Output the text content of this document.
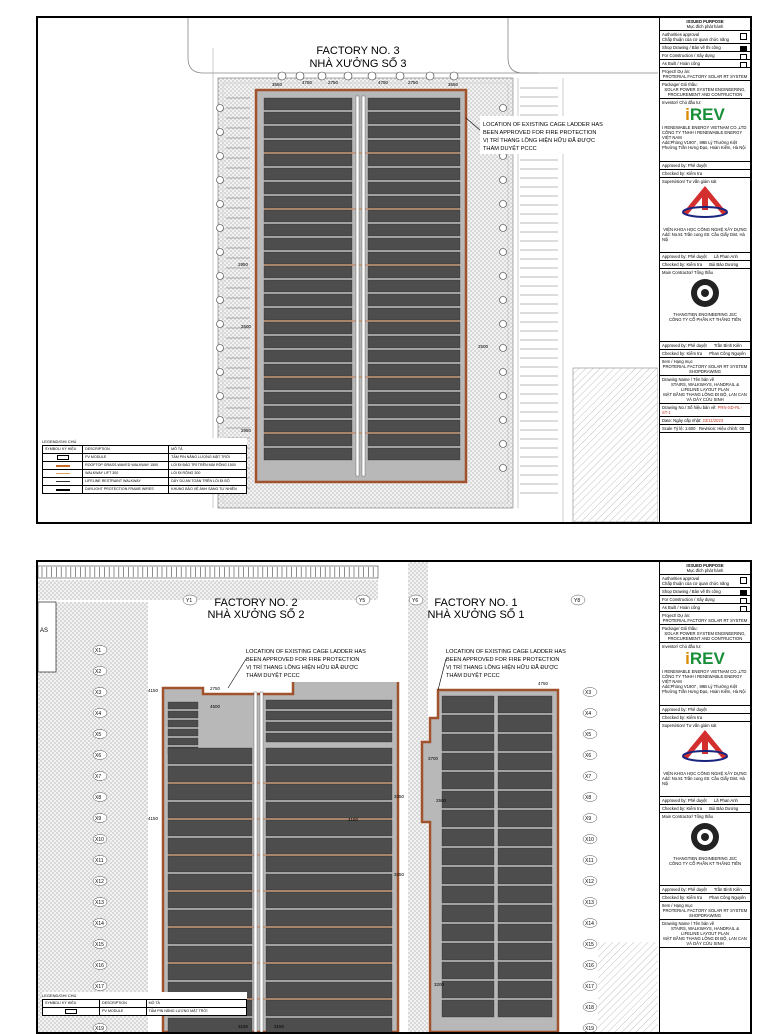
FACTORY NO. 3
NHÀ XƯỞNG SỐ 3
LOCATION OF EXISTING CAGE LADDER HAS
BEEN APPROVED FOR FIRE PROTECTION
VỊ TRÍ THANG LỒNG HIỆN HỮU ĐÃ ĐƯỢC
THẨM DUYỆT PCCC
3550	4750	4750
2750	2750	3550
2950
2500
2500
2950
LEGEND/GHI CHÚ
SYMBOL/ KÝ HIỆU	DESCRIPTION	MÔ TẢ

	PV MODULE	TẤM PIN NĂNG LƯỢNG MẶT TRỜI

	ROOFTOP GRASS-WAVED WALKWAY 1500	LỐI ĐI BẢO TRÌ TRÊN MÁI RỘNG 1500

	WALKWAY LIFT 300	LỐI ĐI RỘNG 300

	LIFELINE RESTRAINT WALKWAY	DÂY DÙ AN TOÀN TRÊN LỐI ĐI BỘ

	DAYLIGHT PROTECTION FRAME WIRES	KHUNG BẢO VỆ ÁNH SÁNG TỰ NHIÊN
ISSUED PURPOSE
Mục đích phát hành
Authorities approval
Chấp thuận của cơ quan chức năng
Shop Drawing / Bản vẽ thi công
For Construction / Xây dựng
As Built / Hoàn công
Project/ Dự án:
PROTERIAL FACTORY SOLAR RT SYSTEM
Package/ Gói thầu:
SOLAR POWER SYSTEM ENGINEERING, PROCUREMENT AND CONTRUCTION
Investor/ Chủ đầu tư:
iREV
I RENEWABLE ENERGY VIETNAM CO.,LTD
CÔNG TY TNHH I RENEWABLE ENERGY VIỆT NAM
Add:Phòng V1907 , 89B Lý Thường Kiệt Phường Trần Hưng Đạo, Hoàn Kiếm, Hà Nội
Approved by: Phê duyệt
Checked by: Kiểm tra
Supervision/ Tư vấn giám sát
VIỆN KHOA HỌC CÔNG NGHỆ XÂY DỰNG
Add: No.81 Trần cung Str. Cầu Giấy Dist. Hà Nội
Approved by: Phê duyệt Lã Phan Anh
Checked by: Kiểm tra Bùi Bảo Dương
Main Contractor/ Tổng thầu
THANGTIEN ENGINEERING JSC
CÔNG TY CỔ PHẦN KT THẮNG TIẾN
Approved by: Phê duyệt Trần Bình Kiên
Checked by: Kiểm tra Phan Công Nguyên
Item / Hạng mục
PROTERIAL FACTORY SOLAR RT SYSTEM SHOPDRAWING
Drawing Name / Tên bản vẽ
STAIRS, WALKWAYS, HANDRAIL & LIFELINE LAYOUT PLAN
MẶT BẰNG THANG LỒNG ĐI BỘ, LAN CAN VÀ DÂY CỨU SINH
Drawing No./ Số hiệu bản vẽ: PRN-SD-RL-ST-1
Date: Ngày cấp nhật: 23/11/2023
Scale Tỷ lệ: 1:600 Revision: Hiệu chỉnh: 00
AS
X1
X2
X3
X4
X5
X6
X7
X8
X9
X10
X11
X12
X13
X14
X15
X16
X17
X19
X3
X4
X5
X6
X7
X8
X9
X10
X11
X12
X13
X14
X15
X16
X17
X18
X19
Y1	Y5	Y6	Y8
FACTORY NO. 2
NHÀ XƯỞNG SỐ 2
FACTORY NO. 1
NHÀ XƯỞNG SỐ 1
LOCATION OF EXISTING CAGE LADDER HAS
BEEN APPROVED FOR FIRE PROTECTION
VỊ TRÍ THANG LỒNG HIỆN HỮU ĐÃ ĐƯỢC
THẨM DUYỆT PCCC
LOCATION OF EXISTING CAGE LADDER HAS
BEEN APPROVED FOR FIRE PROTECTION
VỊ TRÍ THANG LỒNG HIỆN HỮU ĐÃ ĐƯỢC
THẨM DUYỆT PCCC
4150	2750
4500
4150	4150
3150	3150
3350
3350
3700
4750
2500
3200
LEGEND/GHI CHÚ
SYMBOL/ KÝ HIỆU	DESCRIPTION	MÔ TẢ

	PV MODULE	TẤM PIN NĂNG LƯỢNG MẶT TRỜI
ISSUED PURPOSE
Mục đích phát hành
Authorities approval
Chấp thuận của cơ quan chức năng
Shop Drawing / Bản vẽ thi công
For Construction / Xây dựng
As Built / Hoàn công
Project/ Dự án:
PROTERIAL FACTORY SOLAR RT SYSTEM
Package/ Gói thầu:
SOLAR POWER SYSTEM ENGINEERING, PROCUREMENT AND CONTRUCTION
Investor/ Chủ đầu tư:
iREV
I RENEWABLE ENERGY VIETNAM CO.,LTD
CÔNG TY TNHH I RENEWABLE ENERGY VIỆT NAM
Add:Phòng V1907 , 89B Lý Thường Kiệt Phường Trần Hưng Đạo, Hoàn Kiếm, Hà Nội
Approved by: Phê duyệt
Checked by: Kiểm tra
Supervision/ Tư vấn giám sát
VIỆN KHOA HỌC CÔNG NGHỆ XÂY DỰNG
Add: No.81 Trần cung Str. Cầu Giấy Dist. Hà Nội
Approved by: Phê duyệt Lã Phan Anh
Checked by: Kiểm tra Bùi Bảo Dương
Main Contractor/ Tổng thầu
THANGTIEN ENGINEERING JSC
CÔNG TY CỔ PHẦN KT THẮNG TIẾN
Approved by: Phê duyệt Trần Bình Kiên
Checked by: Kiểm tra Phan Công Nguyên
Item / Hạng mục
PROTERIAL FACTORY SOLAR RT SYSTEM SHOPDRAWING
Drawing Name / Tên bản vẽ
STAIRS, WALKWAYS, HANDRAIL & LIFELINE LAYOUT PLAN
MẶT BẰNG THANG LỒNG ĐI BỘ, LAN CAN VÀ DÂY CỨU SINH
